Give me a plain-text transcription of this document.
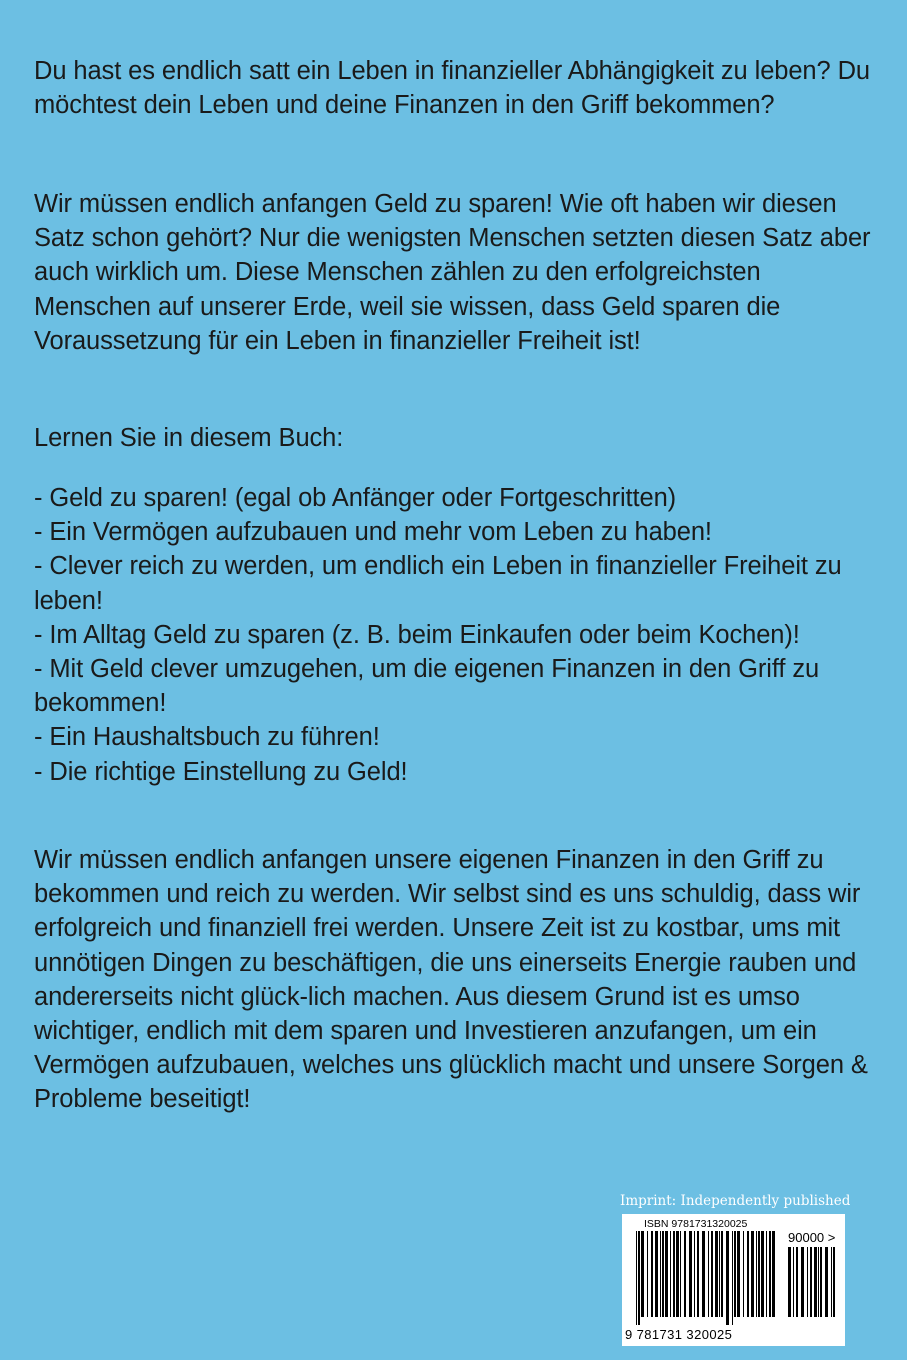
Du hast es endlich satt ein Leben in finanzieller Abhängigkeit zu leben? Du möchtest dein Leben und deine Finanzen in den Griff bekommen?

Wir müssen endlich anfangen Geld zu sparen! Wie oft haben wir diesen Satz schon gehört? Nur die wenigsten Menschen setzten diesen Satz aber auch wirklich um. Diese Menschen zählen zu den erfolgreichsten Menschen auf unserer Erde, weil sie wissen, dass Geld sparen die Voraussetzung für ein Leben in finanzieller Freiheit ist!

Lernen Sie in diesem Buch:

- Geld zu sparen! (egal ob Anfänger oder Fortgeschritten)

- Ein Vermögen aufzubauen und mehr vom Leben zu haben!

- Clever reich zu werden, um endlich ein Leben in finanzieller Freiheit zu leben!

- Im Alltag Geld zu sparen (z. B. beim Einkaufen oder beim Kochen)!

- Mit Geld clever umzugehen, um die eigenen Finanzen in den Griff zu bekommen!

- Ein Haushaltsbuch zu führen!

- Die richtige Einstellung zu Geld!

Wir müssen endlich anfangen unsere eigenen Finanzen in den Griff zu bekommen und reich zu werden. Wir selbst sind es uns schuldig, dass wir erfolgreich und finanziell frei werden. Unsere Zeit ist zu kostbar, ums mit unnötigen Dingen zu beschäftigen, die uns einerseits Energie rauben und andererseits nicht glück-lich machen. Aus diesem Grund ist es umso wichtiger, endlich mit dem sparen und Investieren anzufangen, um ein Vermögen aufzubauen, welches uns glücklich macht und unsere Sorgen & Probleme beseitigt!

Imprint: Independently published
ISBN 9781731320025
90000 >
9 781731 320025
